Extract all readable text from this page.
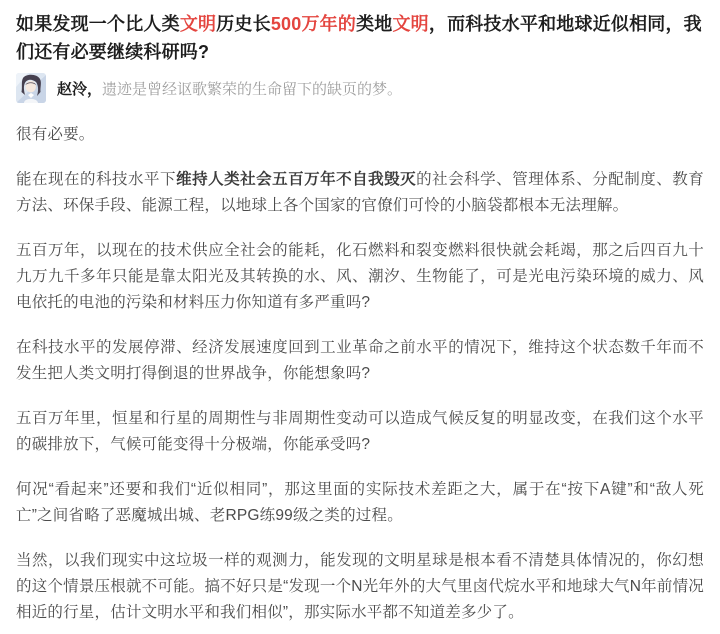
如果发现一个比人类文明历史长500万年的类地文明，而科技水平和地球近似相同，我们还有必要继续科研吗?
赵泠 ， 遗迹是曾经讴歌繁荣的生命留下的缺页的梦。

很有必要。

能在现在的科技水平下维持人类社会五百万年不自我毁灭的社会科学、管理体系、分配制度、教育方法、环保手段、能源工程，以地球上各个国家的官僚们可怜的小脑袋都根本无法理解。

五百万年，以现在的技术供应全社会的能耗，化石燃料和裂变燃料很快就会耗竭，那之后四百九十九万九千多年只能是靠太阳光及其转换的水、风、潮汐、生物能了，可是光电污染环境的威力、风电依托的电池的污染和材料压力你知道有多严重吗?

在科技水平的发展停滞、经济发展速度回到工业革命之前水平的情况下，维持这个状态数千年而不发生把人类文明打得倒退的世界战争，你能想象吗?

五百万年里，恒星和行星的周期性与非周期性变动可以造成气候反复的明显改变，在我们这个水平的碳排放下，气候可能变得十分极端，你能承受吗?

何况“看起来”还要和我们“近似相同”，那这里面的实际技术差距之大，属于在“按下A键”和“敌人死亡”之间省略了恶魔城出城、老RPG练99级之类的过程。

当然，以我们现实中这垃圾一样的观测力，能发现的文明星球是根本看不清楚具体情况的，你幻想的这个情景压根就不可能。搞不好只是“发现一个N光年外的大气里卤代烷水平和地球大气N年前情况相近的行星，估计文明水平和我们相似”，那实际水平都不知道差多少了。
